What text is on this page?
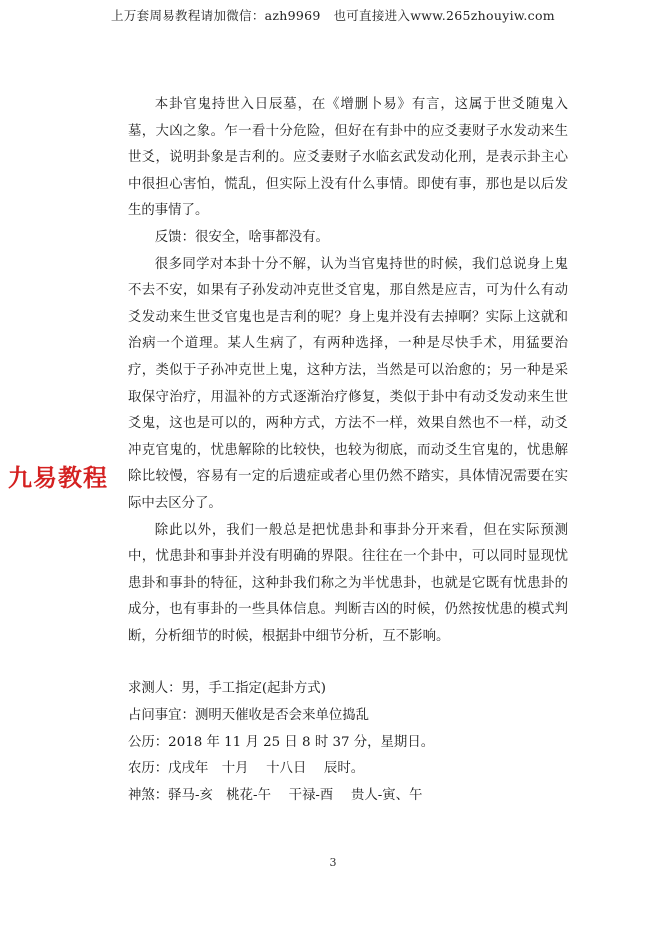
上万套周易教程请加微信：azh9969　也可直接进入www.265zhouyiw.com

本卦官鬼持世入日辰墓，在《增删卜易》有言，这属于世爻随鬼入墓，大凶之象。乍一看十分危险，但好在有卦中的应爻妻财子水发动来生世爻，说明卦象是吉利的。应爻妻财子水临玄武发动化刑，是表示卦主心中很担心害怕，慌乱，但实际上没有什么事情。即使有事，那也是以后发生的事情了。

反馈：很安全，啥事都没有。

很多同学对本卦十分不解，认为当官鬼持世的时候，我们总说身上鬼不去不安，如果有子孙发动冲克世爻官鬼，那自然是应吉，可为什么有动爻发动来生世爻官鬼也是吉利的呢？身上鬼并没有去掉啊？实际上这就和治病一个道理。某人生病了，有两种选择，一种是尽快手术，用猛要治疗，类似于子孙冲克世上鬼，这种方法，当然是可以治愈的；另一种是采取保守治疗，用温补的方式逐渐治疗修复，类似于卦中有动爻发动来生世爻鬼，这也是可以的，两种方式，方法不一样，效果自然也不一样，动爻冲克官鬼的，忧患解除的比较快，也较为彻底，而动爻生官鬼的，忧患解除比较慢，容易有一定的后遗症或者心里仍然不踏实，具体情况需要在实际中去区分了。

除此以外，我们一般总是把忧患卦和事卦分开来看，但在实际预测中，忧患卦和事卦并没有明确的界限。往往在一个卦中，可以同时显现忧患卦和事卦的特征，这种卦我们称之为半忧患卦，也就是它既有忧患卦的成分，也有事卦的一些具体信息。判断吉凶的时候，仍然按忧患的模式判断，分析细节的时候，根据卦中细节分析，互不影响。

求测人：男，手工指定(起卦方式)

占问事宜：测明天催收是否会来单位捣乱

公历：2018 年 11 月 25 日 8 时 37 分，星期日。

农历：戊戌年　十月　 十八日　 辰时。

神煞：驿马-亥　桃花-午　 干禄-酉　 贵人-寅、午

九易教程
3
